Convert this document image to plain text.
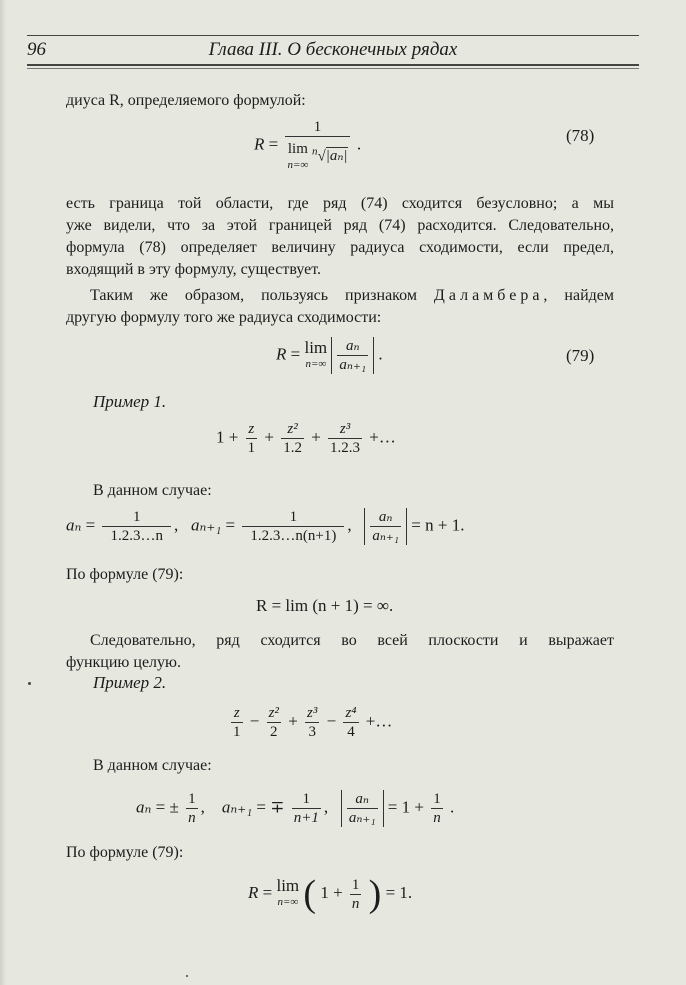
96	Глава III. О бесконечных рядах
диуса R, определяемого формулой:
R = 1
lim
n=∞
$^n$√|aₙ| .	(78)
есть граница той области, где ряд (74) сходится безусловно; а мы
уже видели, что за этой границей ряд (74) расходится. Следовательно,
формула (78) определяет величину радиуса сходимости, если предел,
входящий в эту формулу, существует.
Таким же образом, пользуясь признаком Даламбера, найдем
другую формулу того же радиуса сходимости:
R = lim
n=∞
$\frac{\text{aₙ}}{\text{aₙ₊₁}}$ .	(79)
Пример 1.
$1 + \frac{z}{1} + \frac{\text{z²}}{1.2} + \frac{\text{z³}}{1.2.3}$ +…
В данном случае:
$a_n = \frac{1}{1.2.3\dots n}$ ,   $a_{n+1} = \frac{1}{1.2.3\dots n(n+1)}$ , $\frac{\text{aₙ}}{\text{aₙ₊₁}} = n + 1$.
По формуле (79):
R = lim (n + 1) = ∞.
Следовательно, ряд сходится во всей плоскости и выражает
функцию целую.
Пример 2.
$\frac{z}{1} - \frac{\text{z²}}{2} + \frac{\text{z³}}{3} - \frac{\text{z⁴}}{4}$ +…
В данном случае:
aₙ = ± $\frac{1}{n}$ ,    aₙ₊₁ = ∓ $\frac{1}{n+1}$ , $\frac{\text{aₙ}}{\text{aₙ₊₁}} = 1 + \frac{1}{n}$ .
По формуле (79):
R = lim
n=∞ ( $1 + \frac{1}{n}$ ) = 1.
